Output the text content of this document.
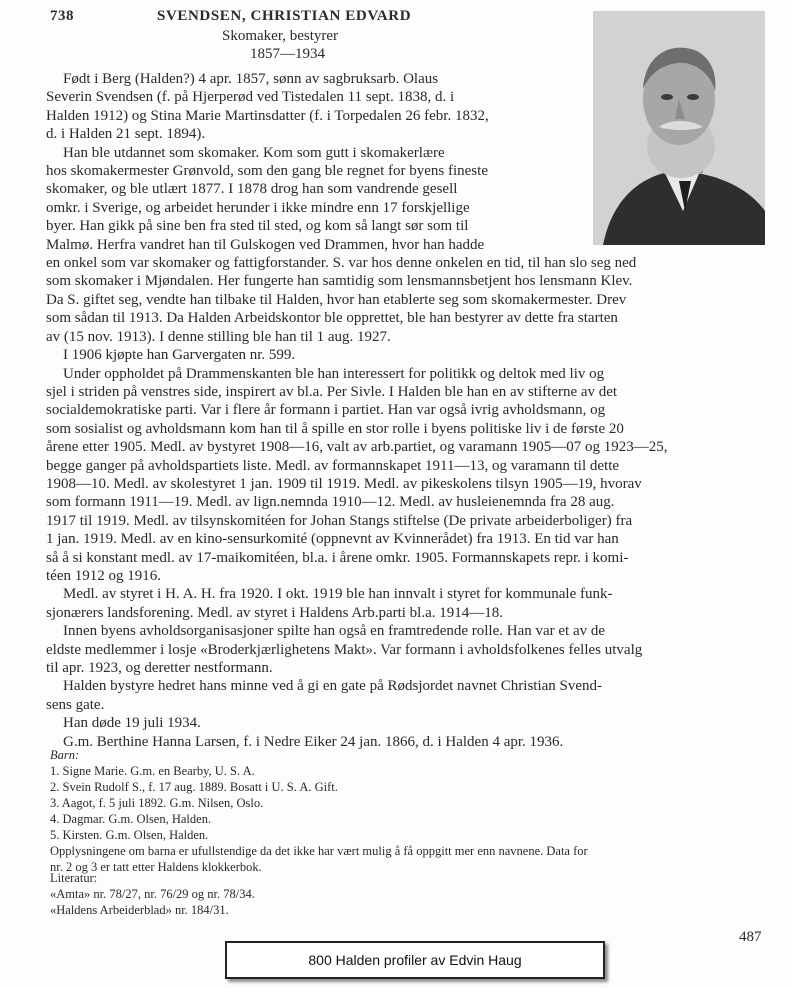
738	SVENDSEN, CHRISTIAN EDVARD
Skomaker, bestyrer
1857—1934
Født i Berg (Halden?) 4 apr. 1857, sønn av sagbruksarb. Olaus
Severin Svendsen (f. på Hjerperød ved Tistedalen 11 sept. 1838, d. i
Halden 1912) og Stina Marie Martinsdatter (f. i Torpedalen 26 febr. 1832,
d. i Halden 21 sept. 1894).
Han ble utdannet som skomaker. Kom som gutt i skomakerlære
hos skomakermester Grønvold, som den gang ble regnet for byens fineste
skomaker, og ble utlært 1877. I 1878 drog han som vandrende gesell
omkr. i Sverige, og arbeidet herunder i ikke mindre enn 17 forskjellige
byer. Han gikk på sine ben fra sted til sted, og kom så langt sør som til
Malmø. Herfra vandret han til Gulskogen ved Drammen, hvor han hadde
en onkel som var skomaker og fattigforstander. S. var hos denne onkelen en tid, til han slo seg ned
som skomaker i Mjøndalen. Her fungerte han samtidig som lensmannsbetjent hos lensmann Klev.
Da S. giftet seg, vendte han tilbake til Halden, hvor han etablerte seg som skomakermester. Drev
som sådan til 1913. Da Halden Arbeidskontor ble opprettet, ble han bestyrer av dette fra starten
av (15 nov. 1913). I denne stilling ble han til 1 aug. 1927.
I 1906 kjøpte han Garvergaten nr. 599.
Under oppholdet på Drammenskanten ble han interessert for politikk og deltok med liv og
sjel i striden på venstres side, inspirert av bl.a. Per Sivle. I Halden ble han en av stifterne av det
socialdemokratiske parti. Var i flere år formann i partiet. Han var også ivrig avholdsmann, og
som sosialist og avholdsmann kom han til å spille en stor rolle i byens politiske liv i de første 20
årene etter 1905. Medl. av bystyret 1908—16, valt av arb.partiet, og varamann 1905—07 og 1923—25,
begge ganger på avholdspartiets liste. Medl. av formannskapet 1911—13, og varamann til dette
1908—10. Medl. av skolestyret 1 jan. 1909 til 1919. Medl. av pikeskolens tilsyn 1905—19, hvorav
som formann 1911—19. Medl. av lign.nemnda 1910—12. Medl. av husleienemnda fra 28 aug.
1917 til 1919. Medl. av tilsynskomitéen for Johan Stangs stiftelse (De private arbeiderboliger) fra
1 jan. 1919. Medl. av en kino-sensurkomité (oppnevnt av Kvinnerådet) fra 1913. En tid var han
så å si konstant medl. av 17-maikomitéen, bl.a. i årene omkr. 1905. Formannskapets repr. i komi-
téen 1912 og 1916.
Medl. av styret i H. A. H. fra 1920. I okt. 1919 ble han innvalt i styret for kommunale funk-
sjonærers landsforening. Medl. av styret i Haldens Arb.parti bl.a. 1914—18.
Innen byens avholdsorganisasjoner spilte han også en framtredende rolle. Han var et av de
eldste medlemmer i losje «Broderkjærlighetens Makt». Var formann i avholdsfolkenes felles utvalg
til apr. 1923, og deretter nestformann.
Halden bystyre hedret hans minne ved å gi en gate på Rødsjordet navnet Christian Svend-
sens gate.
Han døde 19 juli 1934.
G.m. Berthine Hanna Larsen, f. i Nedre Eiker 24 jan. 1866, d. i Halden 4 apr. 1936.
Barn:
1. Signe Marie. G.m. en Bearby, U. S. A.
2. Svein Rudolf S., f. 17 aug. 1889. Bosatt i U. S. A. Gift.
3. Aagot, f. 5 juli 1892. G.m. Nilsen, Oslo.
4. Dagmar. G.m. Olsen, Halden.
5. Kirsten. G.m. Olsen, Halden.
Opplysningene om barna er ufullstendige da det ikke har vært mulig å få oppgitt mer enn navnene. Data for
nr. 2 og 3 er tatt etter Haldens klokkerbok.
Literatur:
«Amta» nr. 78/27, nr. 76/29 og nr. 78/34.
«Haldens Arbeiderblad» nr. 184/31.
487
800 Halden profiler av Edvin Haug
